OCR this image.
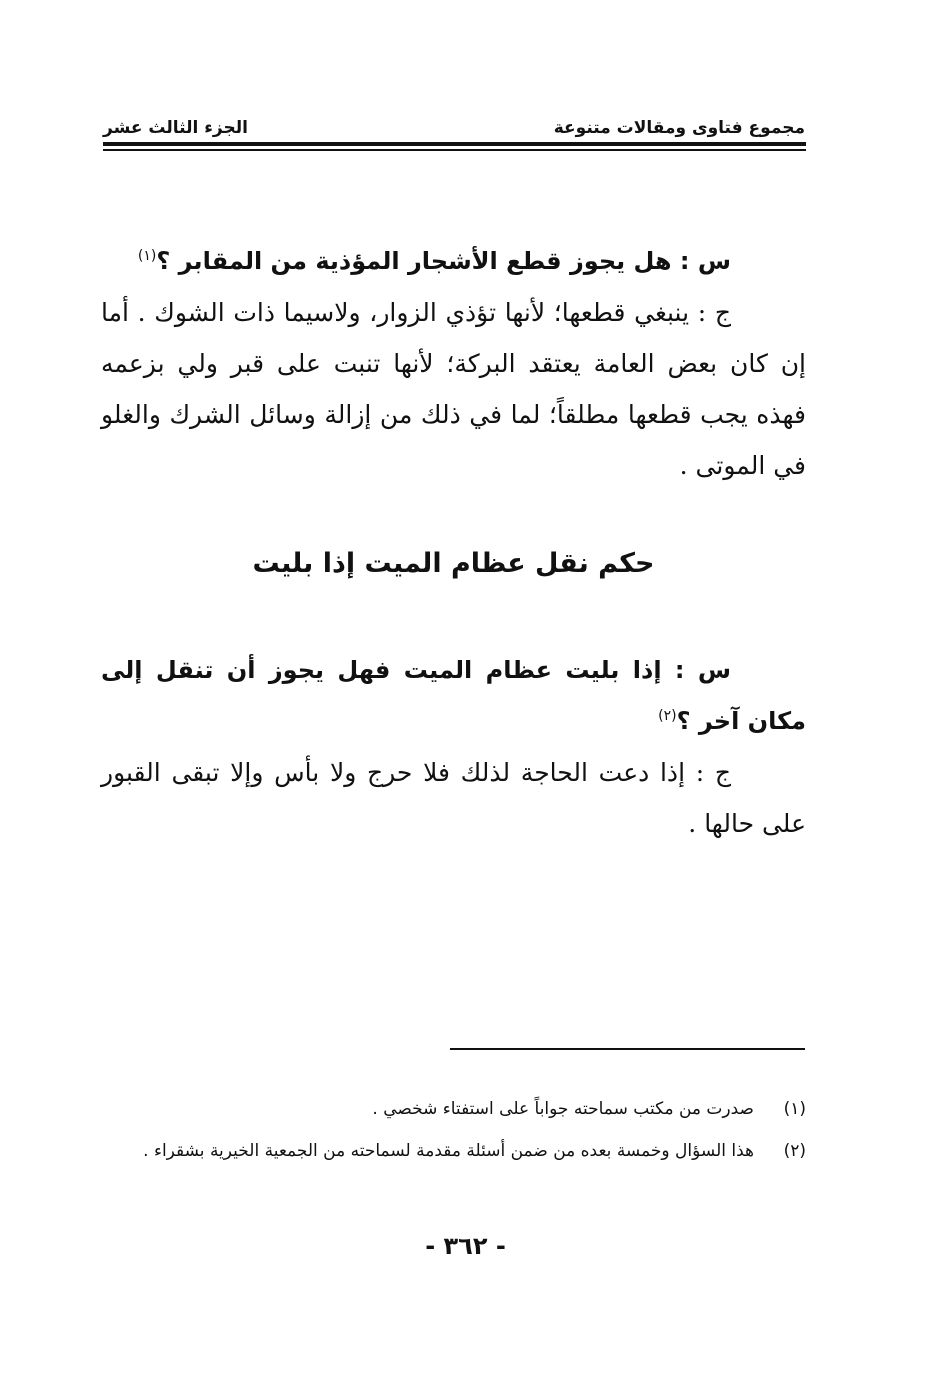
مجموع فتاوى ومقالات متنوعة
الجزء الثالث عشر
س : هل يجوز قطع الأشجار المؤذية من المقابر ؟$^{(١)}$
ج : ينبغي قطعها؛ لأنها تؤذي الزوار، ولاسيما ذات الشوك . أما إن كان بعض العامة يعتقد البركة؛ لأنها تنبت على قبر ولي بزعمه فهذه يجب قطعها مطلقاً؛ لما في ذلك من إزالة وسائل الشرك والغلو في الموتى .
حكم نقل عظام الميت إذا بليت
س : إذا بليت عظام الميت فهل يجوز أن تنقل إلى مكان آخر ؟$^{(٢)}$
ج : إذا دعت الحاجة لذلك فلا حرج ولا بأس وإلا تبقى القبور على حالها .
(١)
صدرت من مكتب سماحته جواباً على استفتاء شخصي .
(٢)
هذا السؤال وخمسة بعده من ضمن أسئلة مقدمة لسماحته من الجمعية الخيرية بشقراء .
- ٣٦٢ -
